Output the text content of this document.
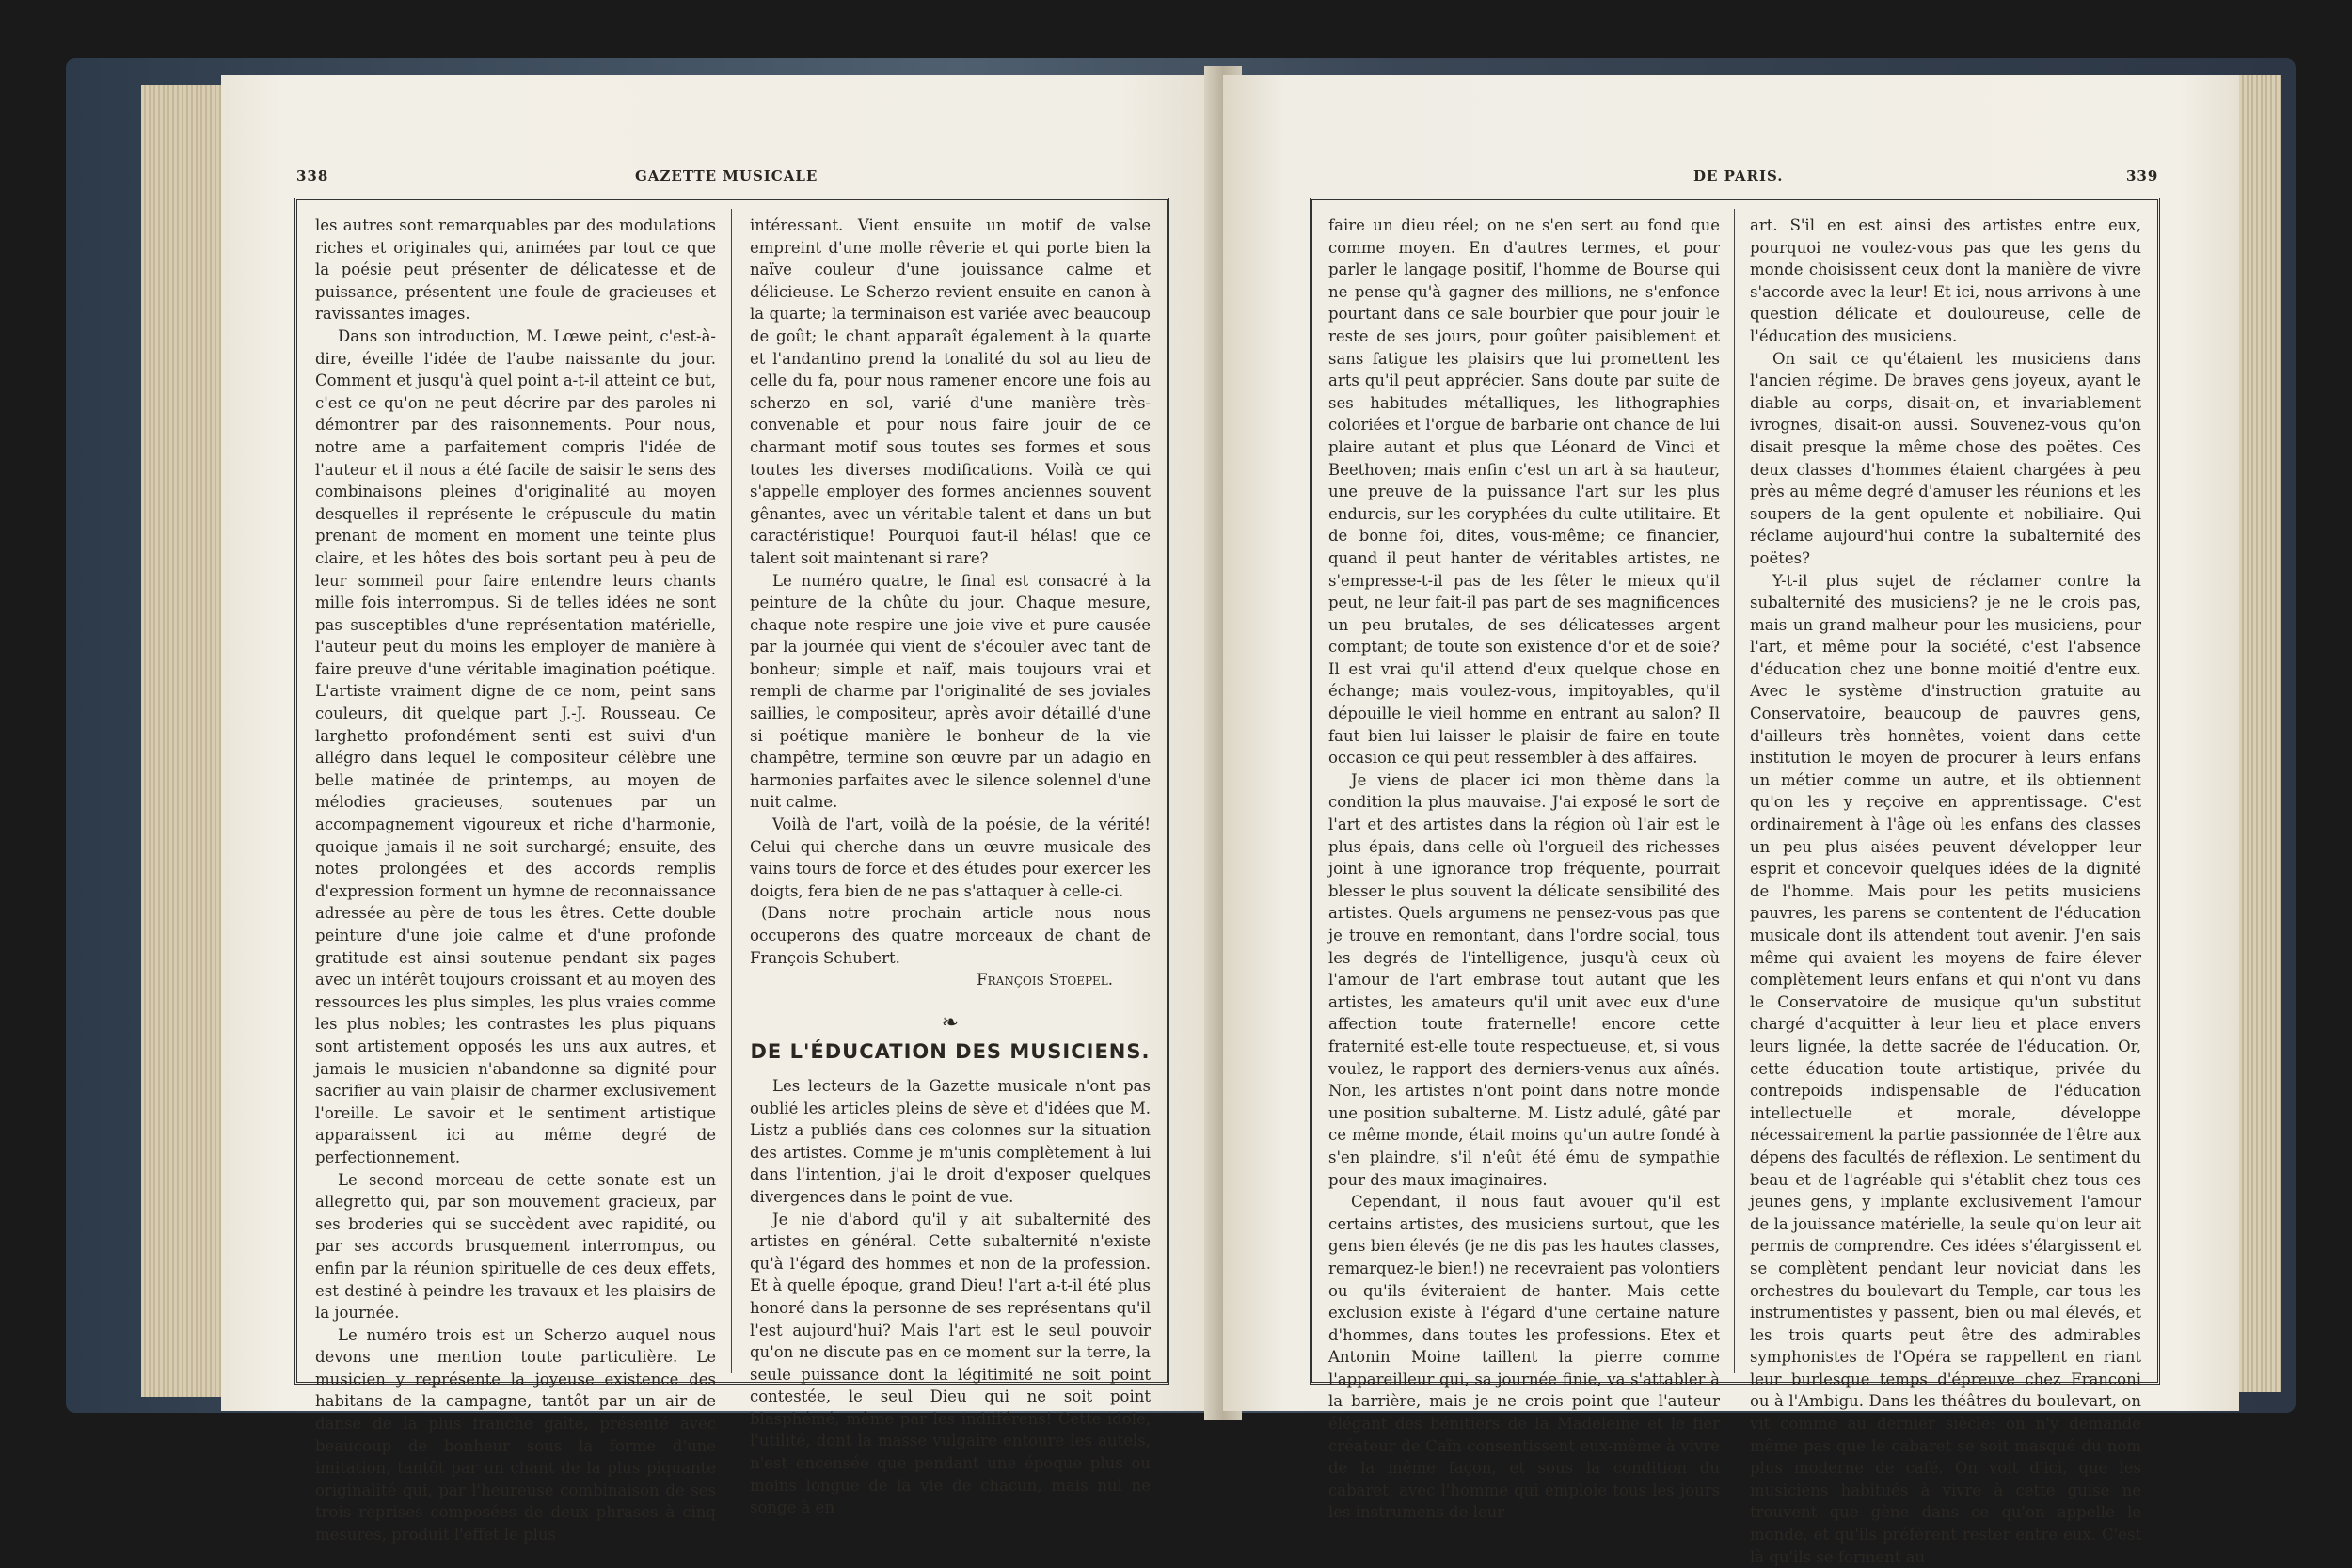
338	GAZETTE MUSICALE

les autres sont remarquables par des modulations riches et originales qui, animées par tout ce que la poésie peut présenter de délicatesse et de puissance, présentent une foule de gracieuses et ravissantes images.

Dans son introduction, M. Lœwe peint, c'est-à-dire, éveille l'idée de l'aube naissante du jour. Comment et jusqu'à quel point a-t-il atteint ce but, c'est ce qu'on ne peut décrire par des paroles ni démontrer par des raisonnements. Pour nous, notre ame a parfaitement compris l'idée de l'auteur et il nous a été facile de saisir le sens des combinaisons pleines d'originalité au moyen desquelles il représente le crépuscule du matin prenant de moment en moment une teinte plus claire, et les hôtes des bois sortant peu à peu de leur sommeil pour faire entendre leurs chants mille fois interrompus. Si de telles idées ne sont pas susceptibles d'une représentation matérielle, l'auteur peut du moins les employer de manière à faire preuve d'une véritable imagination poétique. L'artiste vraiment digne de ce nom, peint sans couleurs, dit quelque part J.-J. Rousseau. Ce larghetto profondément senti est suivi d'un allégro dans lequel le compositeur célèbre une belle matinée de printemps, au moyen de mélodies gracieuses, soutenues par un accompagnement vigoureux et riche d'harmonie, quoique jamais il ne soit surchargé; ensuite, des notes prolongées et des accords remplis d'expression forment un hymne de reconnaissance adressée au père de tous les êtres. Cette double peinture d'une joie calme et d'une profonde gratitude est ainsi soutenue pendant six pages avec un intérêt toujours croissant et au moyen des ressources les plus simples, les plus vraies comme les plus nobles; les contrastes les plus piquans sont artistement opposés les uns aux autres, et jamais le musicien n'abandonne sa dignité pour sacrifier au vain plaisir de charmer exclusivement l'oreille. Le savoir et le sentiment artistique apparaissent ici au même degré de perfectionnement.

Le second morceau de cette sonate est un allegretto qui, par son mouvement gracieux, par ses broderies qui se succèdent avec rapidité, ou par ses accords brusquement interrompus, ou enfin par la réunion spirituelle de ces deux effets, est destiné à peindre les travaux et les plaisirs de la journée.

Le numéro trois est un Scherzo auquel nous devons une mention toute particulière. Le musicien y représente la joyeuse existence des habitans de la campagne, tantôt par un air de danse de la plus franche gaîté, présenté avec beaucoup de bonheur sous la forme d'une imitation, tantôt par un chant de la plus piquante originalité qui, par l'heureuse combinaison de ses trois reprises composées de deux phrases à cinq mesures, produit l'effet le plus

intéressant. Vient ensuite un motif de valse empreint d'une molle rêverie et qui porte bien la naïve couleur d'une jouissance calme et délicieuse. Le Scherzo revient ensuite en canon à la quarte; la terminaison est variée avec beaucoup de goût; le chant apparaît également à la quarte et l'andantino prend la tonalité du sol au lieu de celle du fa, pour nous ramener encore une fois au scherzo en sol, varié d'une manière très-convenable et pour nous faire jouir de ce charmant motif sous toutes ses formes et sous toutes les diverses modifications. Voilà ce qui s'appelle employer des formes anciennes souvent gênantes, avec un véritable talent et dans un but caractéristique! Pourquoi faut-il hélas! que ce talent soit maintenant si rare?

Le numéro quatre, le final est consacré à la peinture de la chûte du jour. Chaque mesure, chaque note respire une joie vive et pure causée par la journée qui vient de s'écouler avec tant de bonheur; simple et naïf, mais toujours vrai et rempli de charme par l'originalité de ses joviales saillies, le compositeur, après avoir détaillé d'une si poétique manière le bonheur de la vie champêtre, termine son œuvre par un adagio en harmonies parfaites avec le silence solennel d'une nuit calme.

Voilà de l'art, voilà de la poésie, de la vérité! Celui qui cherche dans un œuvre musicale des vains tours de force et des études pour exercer les doigts, fera bien de ne pas s'attaquer à celle-ci.

(Dans notre prochain article nous nous occuperons des quatre morceaux de chant de François Schubert.

François Stoepel.

❧
DE L'ÉDUCATION DES MUSICIENS.

Les lecteurs de la Gazette musicale n'ont pas oublié les articles pleins de sève et d'idées que M. Listz a publiés dans ces colonnes sur la situation des artistes. Comme je m'unis complètement à lui dans l'intention, j'ai le droit d'exposer quelques divergences dans le point de vue.

Je nie d'abord qu'il y ait subalternité des artistes en général. Cette subalternité n'existe qu'à l'égard des hommes et non de la profession. Et à quelle époque, grand Dieu! l'art a-t-il été plus honoré dans la personne de ses représentans qu'il l'est aujourd'hui? Mais l'art est le seul pouvoir qu'on ne discute pas en ce moment sur la terre, la seule puissance dont la légitimité ne soit point contestée, le seul Dieu qui ne soit point blasphémé, même par les indifférens! Cette idole, l'utilité, dont la masse vulgaire entoure les autels, n'est encensée que pendant une époque plus ou moins longue de la vie de chacun, mais nul ne songe à en

DE PARIS.	339

faire un dieu réel; on ne s'en sert au fond que comme moyen. En d'autres termes, et pour parler le langage positif, l'homme de Bourse qui ne pense qu'à gagner des millions, ne s'enfonce pourtant dans ce sale bourbier que pour jouir le reste de ses jours, pour goûter paisiblement et sans fatigue les plaisirs que lui promettent les arts qu'il peut apprécier. Sans doute par suite de ses habitudes métalliques, les lithographies coloriées et l'orgue de barbarie ont chance de lui plaire autant et plus que Léonard de Vinci et Beethoven; mais enfin c'est un art à sa hauteur, une preuve de la puissance l'art sur les plus endurcis, sur les coryphées du culte utilitaire. Et de bonne foi, dites, vous-même; ce financier, quand il peut hanter de véritables artistes, ne s'empresse-t-il pas de les fêter le mieux qu'il peut, ne leur fait-il pas part de ses magnificences un peu brutales, de ses délicatesses argent comptant; de toute son existence d'or et de soie? Il est vrai qu'il attend d'eux quelque chose en échange; mais voulez-vous, impitoyables, qu'il dépouille le vieil homme en entrant au salon? Il faut bien lui laisser le plaisir de faire en toute occasion ce qui peut ressembler à des affaires.

Je viens de placer ici mon thème dans la condition la plus mauvaise. J'ai exposé le sort de l'art et des artistes dans la région où l'air est le plus épais, dans celle où l'orgueil des richesses joint à une ignorance trop fréquente, pourrait blesser le plus souvent la délicate sensibilité des artistes. Quels argumens ne pensez-vous pas que je trouve en remontant, dans l'ordre social, tous les degrés de l'intelligence, jusqu'à ceux où l'amour de l'art embrase tout autant que les artistes, les amateurs qu'il unit avec eux d'une affection toute fraternelle! encore cette fraternité est-elle toute respectueuse, et, si vous voulez, le rapport des derniers-venus aux aînés. Non, les artistes n'ont point dans notre monde une position subalterne. M. Listz adulé, gâté par ce même monde, était moins qu'un autre fondé à s'en plaindre, s'il n'eût été ému de sympathie pour des maux imaginaires.

Cependant, il nous faut avouer qu'il est certains artistes, des musiciens surtout, que les gens bien élevés (je ne dis pas les hautes classes, remarquez-le bien!) ne recevraient pas volontiers ou qu'ils éviteraient de hanter. Mais cette exclusion existe à l'égard d'une certaine nature d'hommes, dans toutes les professions. Etex et Antonin Moine taillent la pierre comme l'appareilleur qui, sa journée finie, va s'attabler à la barrière, mais je ne crois point que l'auteur élégant des bénitiers de la Madeleine et le fier créateur de Caïn consentissent eux-même à vivre de la même façon, et sous la condition du cabaret, avec l'homme qui emploie tous les jours les instrumens de leur

art. S'il en est ainsi des artistes entre eux, pourquoi ne voulez-vous pas que les gens du monde choisissent ceux dont la manière de vivre s'accorde avec la leur! Et ici, nous arrivons à une question délicate et douloureuse, celle de l'éducation des musiciens.

On sait ce qu'étaient les musiciens dans l'ancien régime. De braves gens joyeux, ayant le diable au corps, disait-on, et invariablement ivrognes, disait-on aussi. Souvenez-vous qu'on disait presque la même chose des poëtes. Ces deux classes d'hommes étaient chargées à peu près au même degré d'amuser les réunions et les soupers de la gent opulente et nobiliaire. Qui réclame aujourd'hui contre la subalternité des poëtes?

Y-t-il plus sujet de réclamer contre la subalternité des musiciens? je ne le crois pas, mais un grand malheur pour les musiciens, pour l'art, et même pour la société, c'est l'absence d'éducation chez une bonne moitié d'entre eux. Avec le système d'instruction gratuite au Conservatoire, beaucoup de pauvres gens, d'ailleurs très honnêtes, voient dans cette institution le moyen de procurer à leurs enfans un métier comme un autre, et ils obtiennent qu'on les y reçoive en apprentissage. C'est ordinairement à l'âge où les enfans des classes un peu plus aisées peuvent développer leur esprit et concevoir quelques idées de la dignité de l'homme. Mais pour les petits musiciens pauvres, les parens se contentent de l'éducation musicale dont ils attendent tout avenir. J'en sais même qui avaient les moyens de faire élever complètement leurs enfans et qui n'ont vu dans le Conservatoire de musique qu'un substitut chargé d'acquitter à leur lieu et place envers leurs lignée, la dette sacrée de l'éducation. Or, cette éducation toute artistique, privée du contrepoids indispensable de l'éducation intellectuelle et morale, développe nécessairement la partie passionnée de l'être aux dépens des facultés de réflexion. Le sentiment du beau et de l'agréable qui s'établit chez tous ces jeunes gens, y implante exclusivement l'amour de la jouissance matérielle, la seule qu'on leur ait permis de comprendre. Ces idées s'élargissent et se complètent pendant leur noviciat dans les orchestres du boulevart du Temple, car tous les instrumentistes y passent, bien ou mal élevés, et les trois quarts peut être des admirables symphonistes de l'Opéra se rappellent en riant leur burlesque temps d'épreuve chez Franconi ou à l'Ambigu. Dans les théâtres du boulevart, on vit comme au dernier siècle: on n'y demande même pas que le cabaret se soit masqué du nom plus moderne de café. On voit d'ici, que les musiciens habitués à vivre à cette guise ne trouvent que gène dans ce qu'on appelle le monde, et qu'ils préfèrent rester entre eux. C'est là qu'ils se forment au
